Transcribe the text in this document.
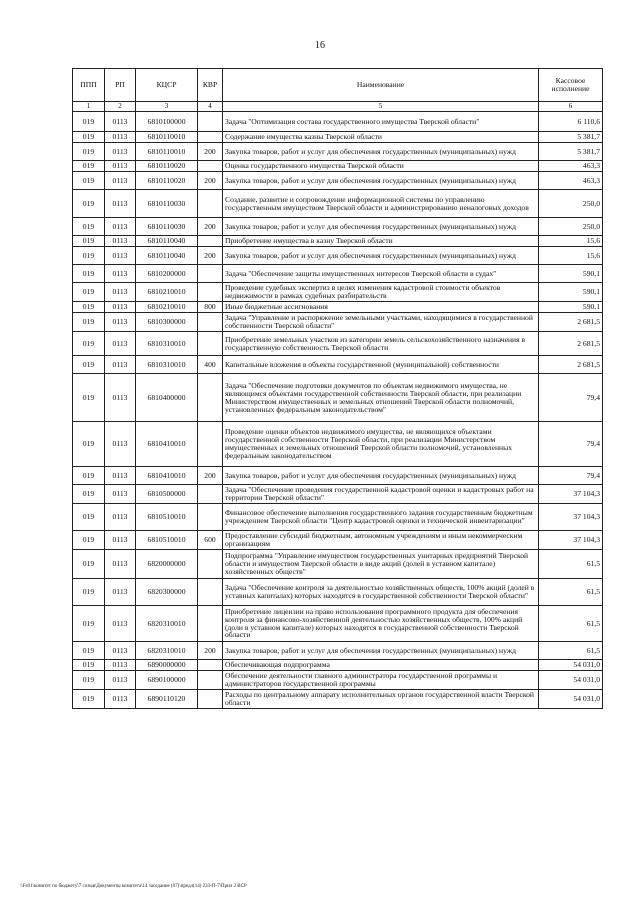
16
ППП	РП	КЦСР	КВР	Наименование	Кассовое исполнение
1	2	3	4	5	6
019	0113	6810100000		Задача "Оптимизация состава государственного имущества Тверской области"	6 110,6
019	0113	6810110010		Содержание имущества казны Тверской области	5 381,7
019	0113	6810110010	200	Закупка товаров, работ и услуг для обеспечения государственных (муниципальных) нужд	5 381,7
019	0113	6810110020		Оценка государственного имущества Тверской области	463,3
019	0113	6810110020	200	Закупка товаров, работ и услуг для обеспечения государственных (муниципальных) нужд	463,3
019	0113	6810110030		Создание, развитие и сопровождение информационной системы по управлению государственным имуществом Тверской области и администрированию неналоговых доходов	250,0
019	0113	6810110030	200	Закупка товаров, работ и услуг для обеспечения государственных (муниципальных) нужд	250,0
019	0113	6810110040		Приобретение имущества в казну Тверской области	15,6
019	0113	6810110040	200	Закупка товаров, работ и услуг для обеспечения государственных (муниципальных) нужд	15,6
019	0113	6810200000		Задача "Обеспечение защиты имущественных интересов Тверской области в судах"	590,1
019	0113	6810210010		Проведение судебных экспертиз в целях изменения кадастровой стоимости объектов недвижимости в рамках судебных разбирательств	590,1
019	0113	6810210010	800	Иные бюджетные ассигнования	590,1
019	0113	6810300000		Задача "Управление и распоряжение земельными участками, находящимися в государственной собственности Тверской области"	2 681,5
019	0113	6810310010		Приобретение земельных участков из категории земель сельскохозяйственного назначения в государственную собственность Тверской области	2 681,5
019	0113	6810310010	400	Капитальные вложения в объекты государственной (муниципальной) собственности	2 681,5
019	0113	6810400000		Задача "Обеспечение подготовки документов по объектам недвижимого имущества, не являющимся объектами государственной собственности Тверской области, при реализации Министерством имущественных и земельных отношений Тверской области полномочий, установленных федеральным законодательством"	79,4
019	0113	6810410010		Проведение оценки объектов недвижимого имущества, не являющихся объектами государственной собственности Тверской области, при реализации Министерством имущественных и земельных отношений Тверской области полномочий, установленных федеральным законодательством	79,4
019	0113	6810410010	200	Закупка товаров, работ и услуг для обеспечения государственных (муниципальных) нужд	79,4
019	0113	6810500000		Задача "Обеспечение проведения государственной кадастровой оценки и кадастровых работ на территории Тверской области"	37 104,3
019	0113	6810510010		Финансовое обеспечение выполнения государственного задания государственным бюджетным учреждением Тверской области "Центр кадастровой оценки и технической инвентаризации"	37 104,3
019	0113	6810510010	600	Предоставление субсидий бюджетным, автономным учреждениям и иным некоммерческим организациям	37 104,3
019	0113	6820000000		Подпрограмма "Управление имуществом государственных унитарных предприятий Тверской области и имуществом Тверской области в виде акций (долей в уставном капитале) хозяйственных обществ"	61,5
019	0113	6820300000		Задача "Обеспечение контроля за деятельностью хозяйственных обществ, 100% акций (долей в уставных капиталах) которых находятся в государственной собственности Тверской области"	61,5
019	0113	6820310010		Приобретение лицензии на право использования программного продукта для обеспечения контроля за финансово-хозяйственной деятельностью хозяйственных обществ, 100% акций (доли в уставном капитале) которых находятся в государственной собственности Тверской области	61,5
019	0113	6820310010	200	Закупка товаров, работ и услуг для обеспечения государственных (муниципальных) нужд	61,5
019	0113	6890000000		Обеспечивающая подпрограмма	54 031,0
019	0113	6890100000		Обеспечение деятельности главного администратора государственной программы и администраторов государственной программы	54 031,0
019	0113	6890110120		Расходы по центральному аппарату исполнительных органов государственной власти Тверской области	54 031,0
\\Fs01\комитет по бюджету\7 созыв\Документы комитета\14 заседание (07)\предл(14) 233-П-7\Прил 2 ВСР
